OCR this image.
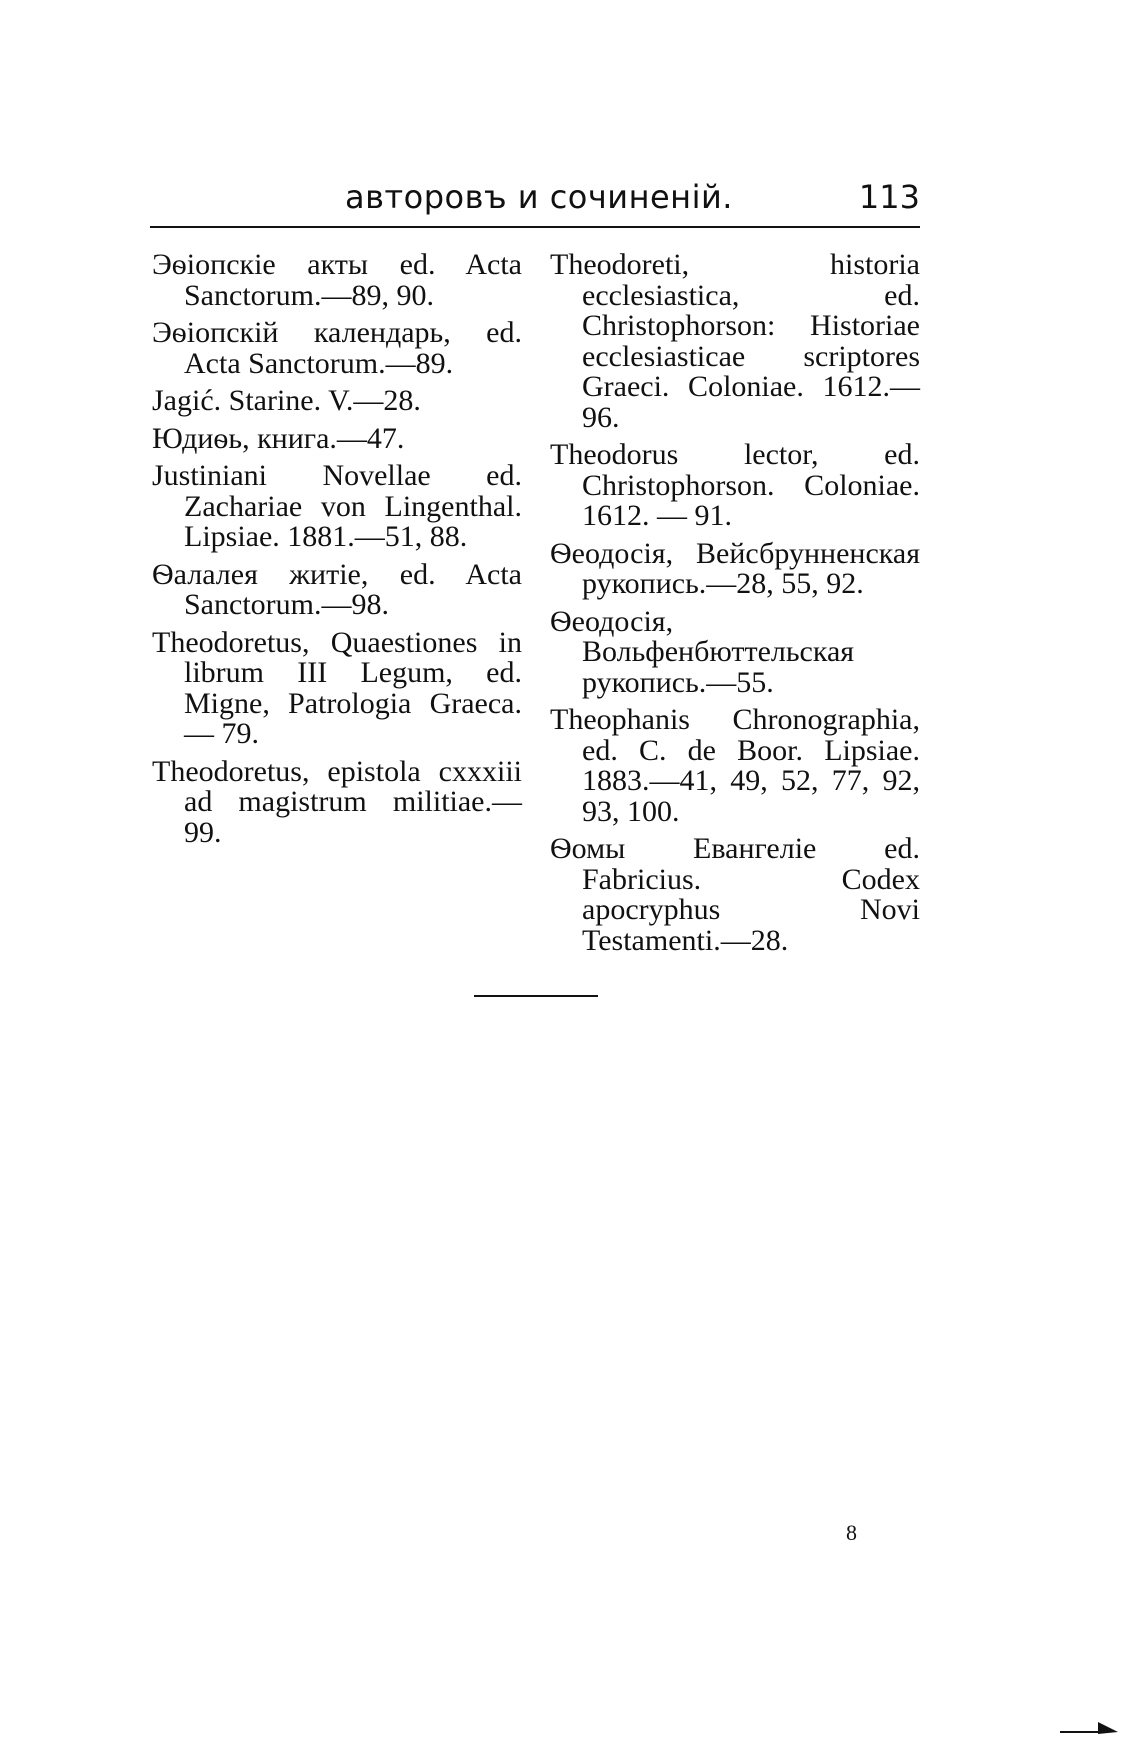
авторовъ и сочиненій.	113

Эѳіопскіе акты ed. Acta Sanctorum.—89, 90.

Эѳіопскій календарь, ed. Acta Sanctorum.—89.

Jagić. Starine. V.—28.

Юдиѳь, книга.—47.

Justiniani Novellae ed. Zachariae von Lingenthal. Lipsiae. 1881.—51, 88.

Ѳалалея житіе, ed. Acta Sanctorum.—98.

Theodoretus, Quaestiones in librum III Legum, ed. Migne, Patrologia Graeca. — 79.

Theodoretus, epistola cxxxiii ad magistrum militiae.— 99.

Theodoreti, historia ecclesiastica, ed. Christophorson: Historiae ecclesiasticae scriptores Graeci. Coloniae. 1612.—96.

Theodorus lector, ed. Christophorson. Coloniae. 1612. — 91.

Ѳеодосія, Вейсбрунненская рукопись.—28, 55, 92.

Ѳеодосія, Вольфенбюттельская рукопись.—55.

Theophanis Chronographia, ed. C. de Boor. Lipsiae. 1883.—41, 49, 52, 77, 92, 93, 100.

Ѳомы Евангеліе ed. Fabricius. Codex apocryphus Novi Testamenti.—28.

8
